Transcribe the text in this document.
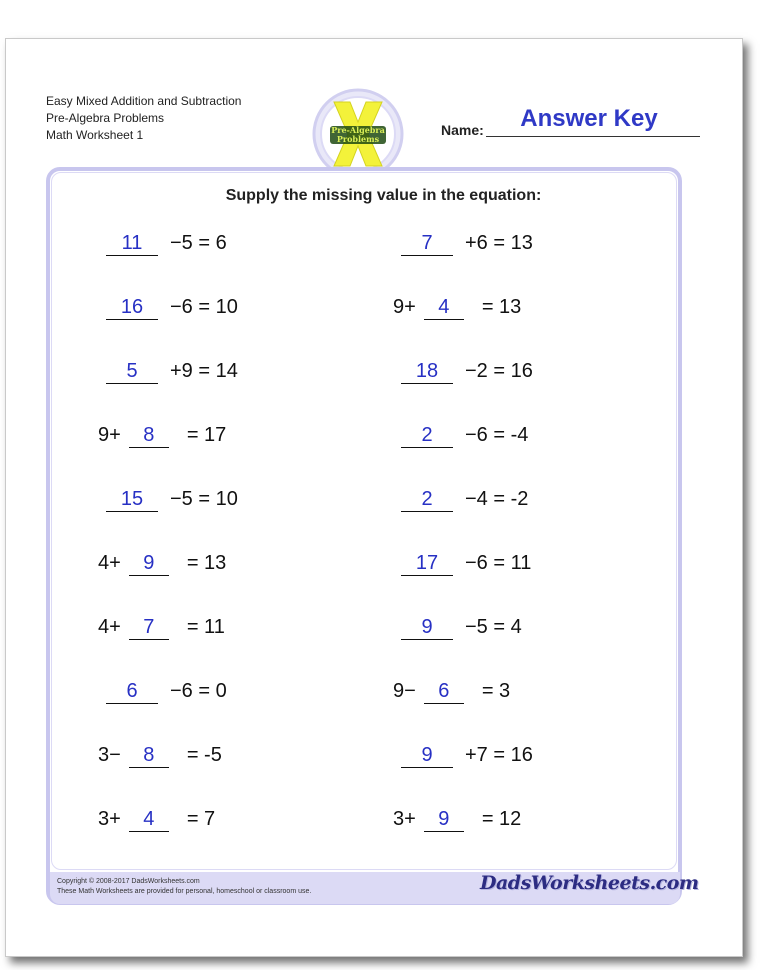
Easy Mixed Addition and Subtraction
Pre-Algebra Problems
Math Worksheet 1	Pre-Algebra
Problems
Name:	Answer Key
Supply the missing value in the equation:
11 −5 = 6	7 +6 = 13
16 −6 = 10	9+ 4 = 13
5 +9 = 14	18 −2 = 16
9+ 8 = 17	2 −6 = -4
15 −5 = 10	2 −4 = -2
4+ 9 = 13	17 −6 = 11
4+ 7 = 11	9 −5 = 4
6 −6 = 0	9− 6 = 3
3− 8 = -5	9 +7 = 16
3+ 4 = 7	3+ 9 = 12
Copyright © 2008-2017 DadsWorksheets.com
These Math Worksheets are provided for personal, homeschool or classroom use.	DadsWorksheets.com
